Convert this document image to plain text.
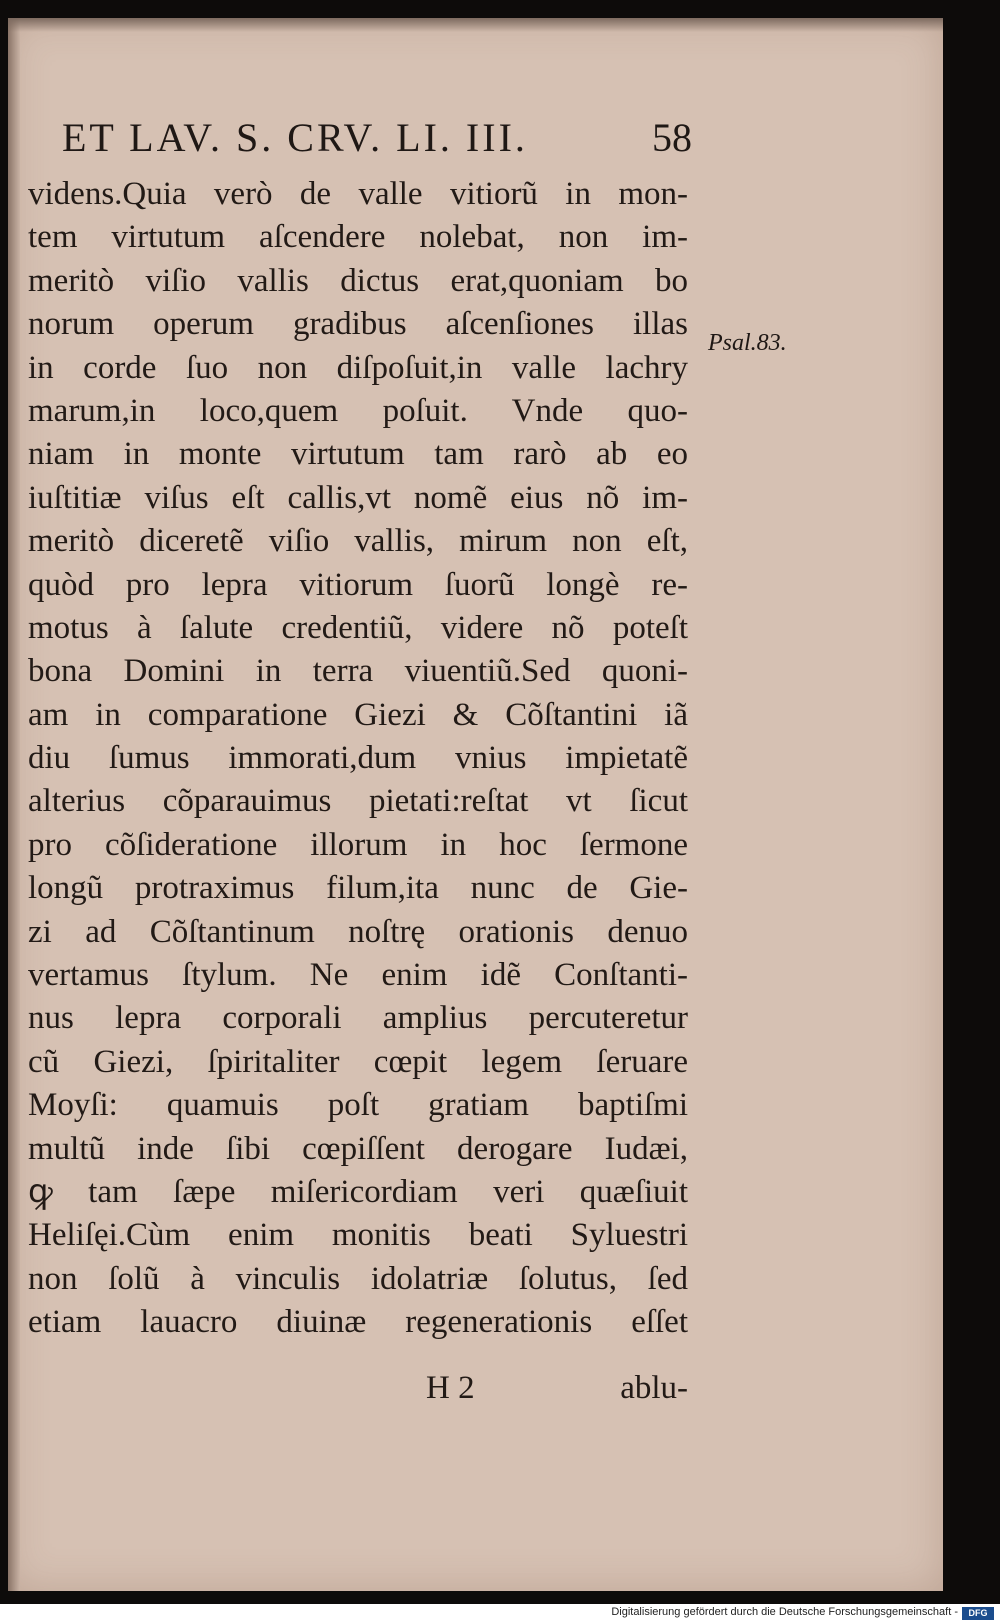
ET LAV. S. CRV. LI. III.	58
Psal.83.
videns.Quia verò de valle vitiorũ in mon-
tem virtutum aſcendere nolebat, non im-
meritò viſio vallis dictus erat,quoniam bo
norum operum gradibus aſcenſiones illas
in corde ſuo non diſpoſuit,in valle lachry
marum,in loco,quem poſuit. Vnde quo-
niam in monte virtutum tam rarò ab eo
iuſtitiæ viſus eſt callis,vt nomẽ eius nõ im-
meritò diceretẽ viſio vallis, mirum non eſt,
quòd pro lepra vitiorum ſuorũ longè re-
motus à ſalute credentiũ, videre nõ poteſt
bona Domini in terra viuentiũ.Sed quoni-
am in comparatione Giezi & Cõſtantini iã
diu ſumus immorati,dum vnius impietatẽ
alterius cõparauimus pietati:reſtat vt ſicut
pro cõſideratione illorum in hoc ſermone
longũ protraximus filum,ita nunc de Gie-
zi ad Cõſtantinum noſtrę orationis denuo
vertamus ſtylum. Ne enim idẽ Conſtanti-
nus lepra corporali amplius percuteretur
cũ Giezi, ſpiritaliter cœpit legem ſeruare
Moyſi: quamuis poſt gratiam baptiſmi
multũ inde ſibi cœpiſſent derogare Iudæi,
ꝙ tam ſæpe miſericordiam veri quæſiuit
Heliſęi.Cùm enim monitis beati Syluestri
non ſolũ à vinculis idolatriæ ſolutus, ſed
etiam lauacro diuinæ regenerationis eſſet
H 2	ablu-
Digitalisierung gefördert durch die Deutsche Forschungsgemeinschaft -	DFG
